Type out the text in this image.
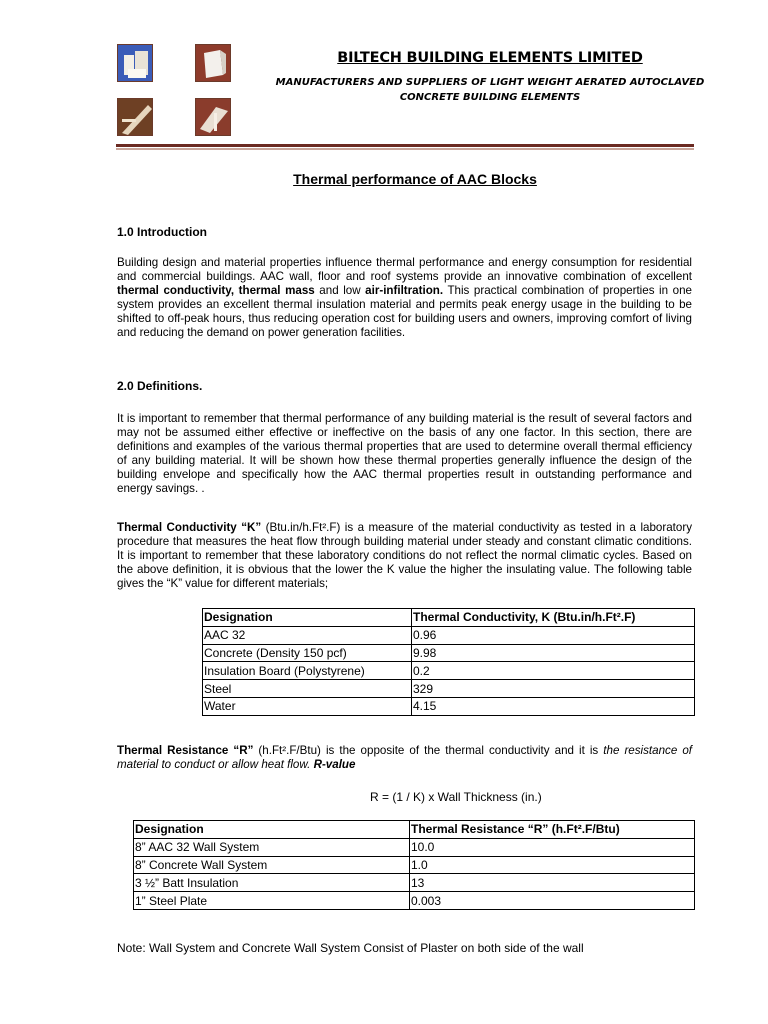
BILTECH BUILDING ELEMENTS LIMITED
MANUFACTURERS AND SUPPLIERS OF LIGHT WEIGHT AERATED AUTOCLAVED
CONCRETE BUILDING ELEMENTS
Thermal performance of AAC Blocks
1.0 Introduction

Building design and material properties influence thermal performance and energy consumption for residential and commercial buildings. AAC wall, floor and roof systems provide an innovative combination of excellent thermal conductivity, thermal mass and low air-infiltration. This practical combination of properties in one system provides an excellent thermal insulation material and permits peak energy usage in the building to be shifted to off-peak hours, thus reducing operation cost for building users and owners, improving comfort of living and reducing the demand on power generation facilities.

2.0 Definitions.

It is important to remember that thermal performance of any building material is the result of several factors and may not be assumed either effective or ineffective on the basis of any one factor. In this section, there are definitions and examples of the various thermal properties that are used to determine overall thermal efficiency of any building material. It will be shown how these thermal properties generally influence the design of the building envelope and specifically how the AAC thermal properties result in outstanding performance and energy savings. .

Thermal Conductivity “K” (Btu.in/h.Ft².F) is a measure of the material conductivity as tested in a laboratory procedure that measures the heat flow through building material under steady and constant climatic conditions. It is important to remember that these laboratory conditions do not reflect the normal climatic cycles. Based on the above definition, it is obvious that the lower the K value the higher the insulating value. The following table gives the “K” value for different materials;

Designation	Thermal Conductivity, K (Btu.in/h.Ft².F)
AAC 32	0.96
Concrete (Density 150 pcf)	9.98
Insulation Board (Polystyrene)	0.2
Steel	329
Water	4.15

Thermal Resistance “R” (h.Ft².F/Btu) is the opposite of the thermal conductivity and it is the resistance of material to conduct or allow heat flow. R-value

R = (1 / K) x Wall Thickness (in.)
Designation	Thermal Resistance “R” (h.Ft².F/Btu)
8” AAC 32 Wall System	10.0
8” Concrete Wall System	1.0
3 ½” Batt Insulation	13
1” Steel Plate	0.003
Note: Wall System and Concrete Wall System Consist of Plaster on both side of the wall
